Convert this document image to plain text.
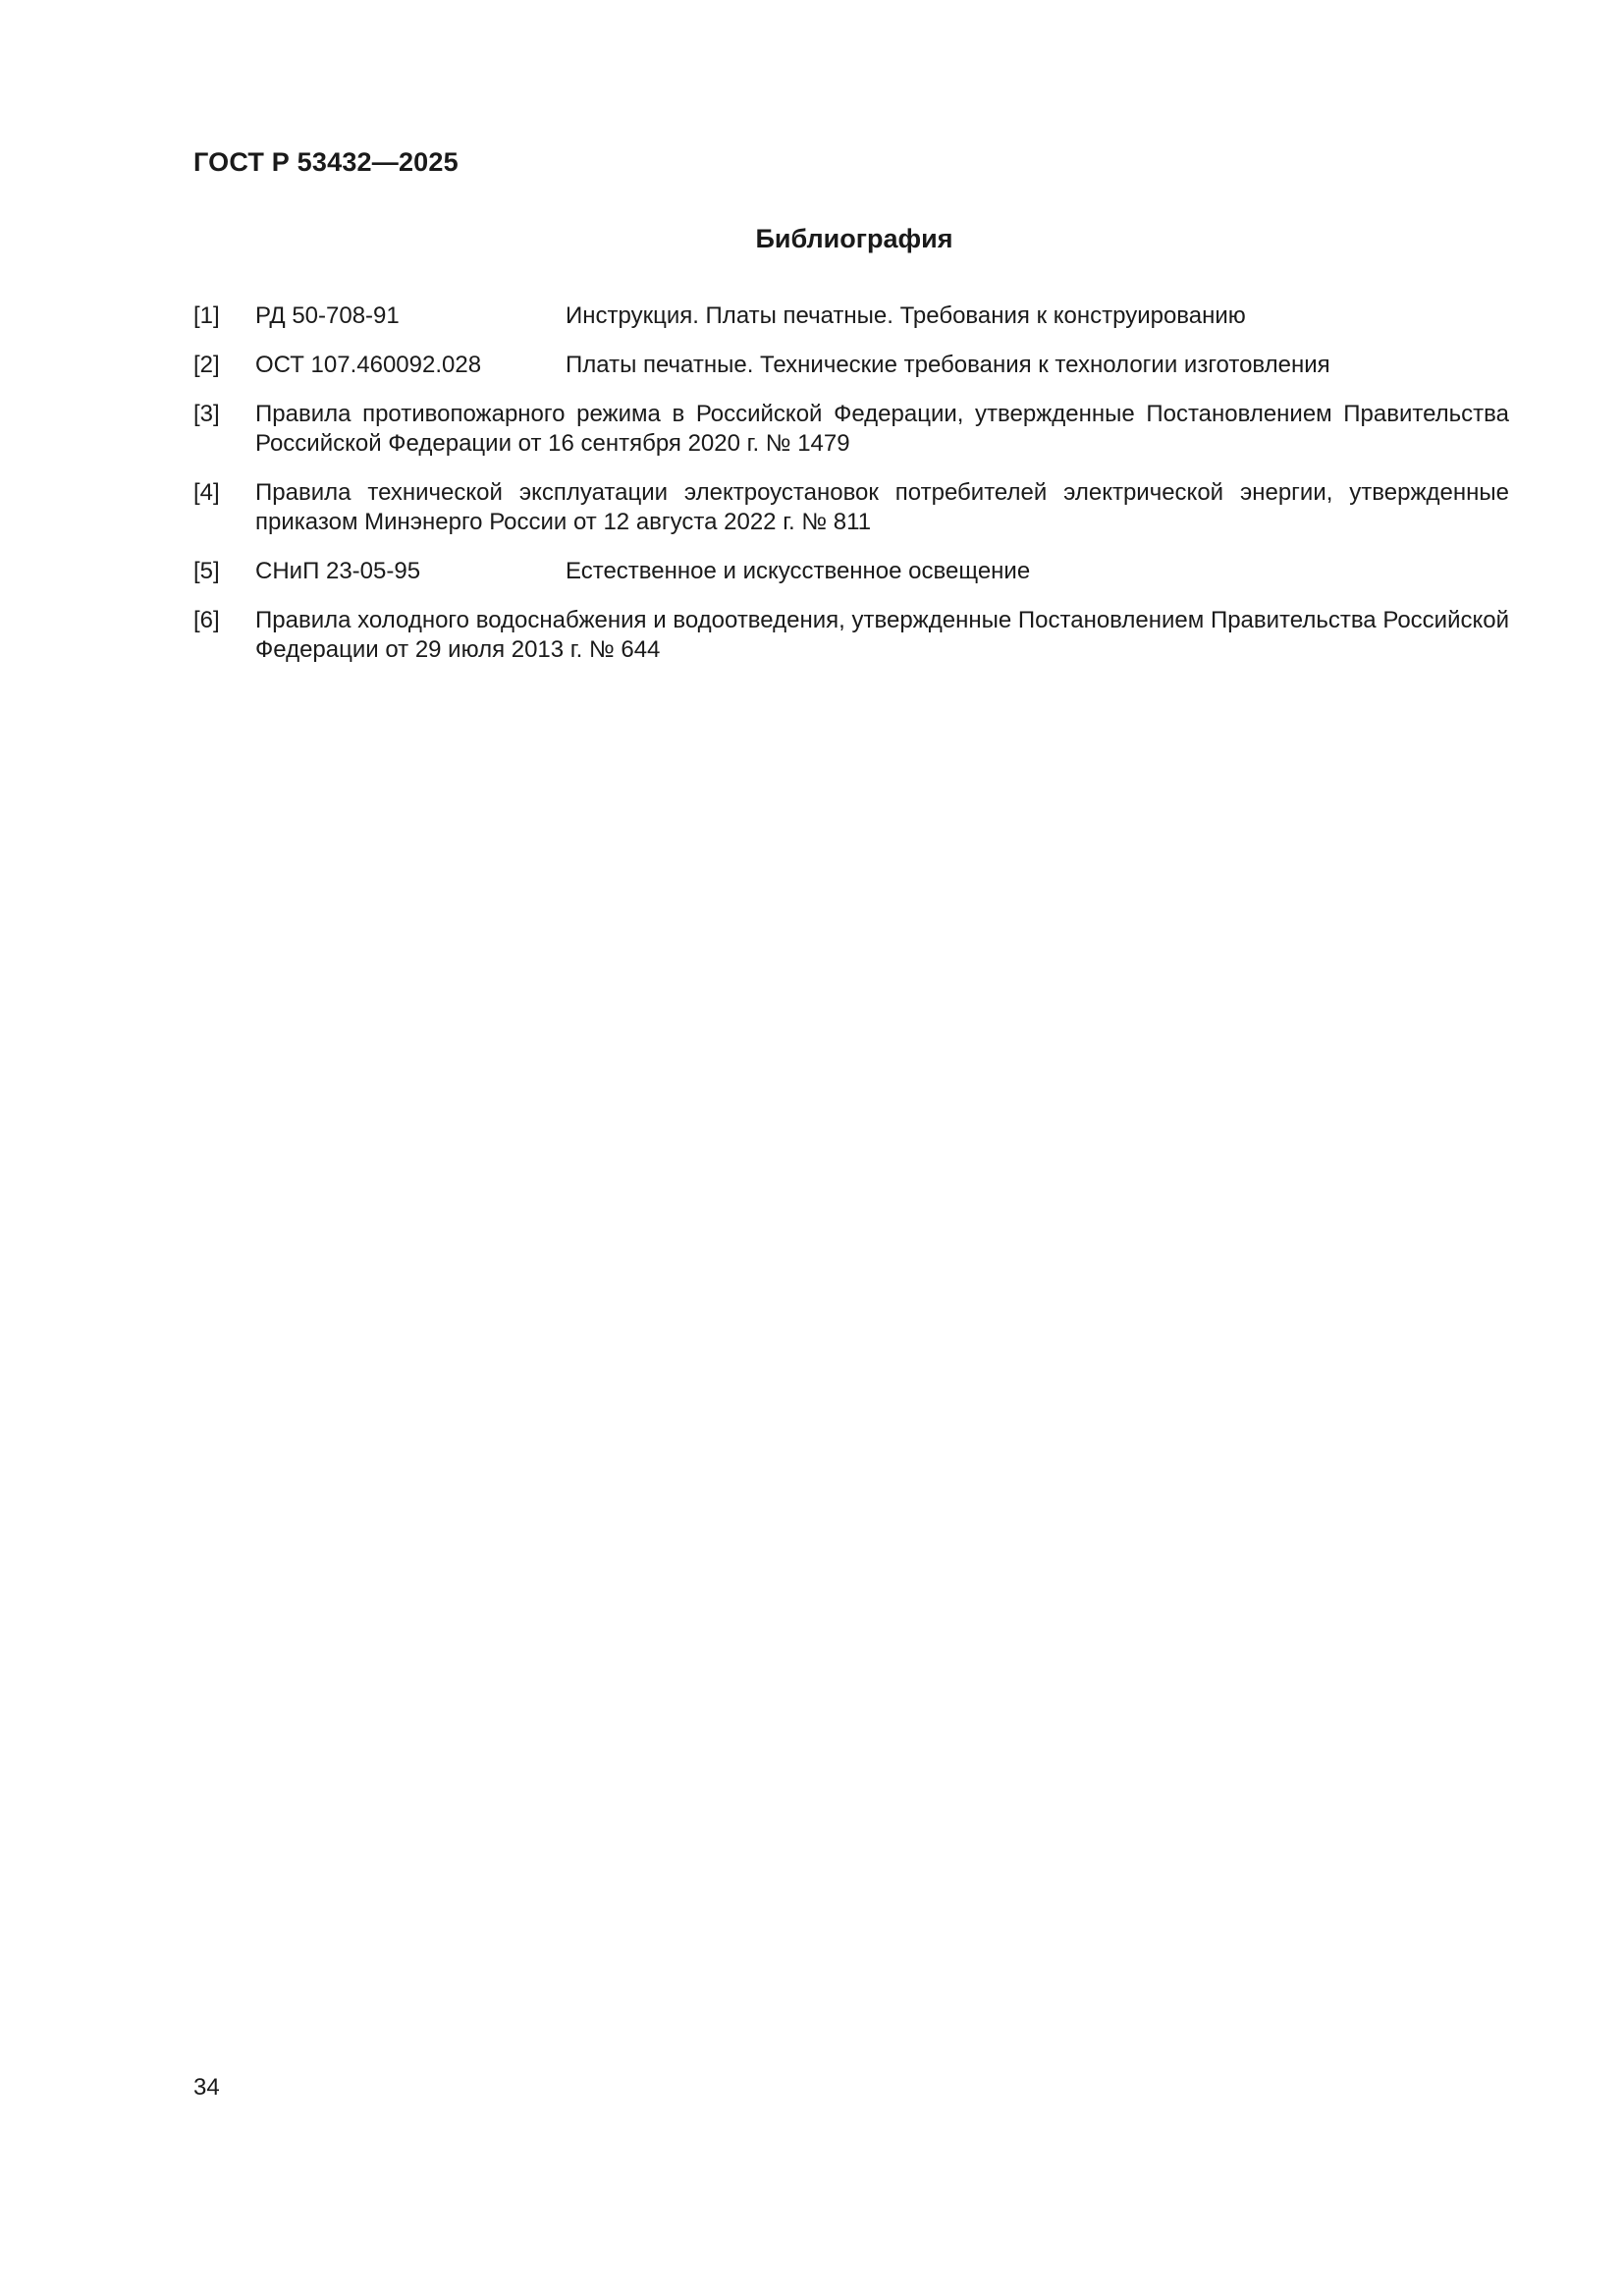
ГОСТ Р 53432—2025
Библиография
[1] РД 50-708-91	Инструкция. Платы печатные. Требования к конструированию
[2] ОСТ 107.460092.028	Платы печатные. Технические требования к технологии изготовления
[3] Правила противопожарного режима в Российской Федерации, утвержденные Постановлением Правительства Российской Федерации от 16 сентября 2020 г. № 1479
[4] Правила технической эксплуатации электроустановок потребителей электрической энергии, утвержденные приказом Минэнерго России от 12 августа 2022 г. № 811
[5] СНиП 23-05-95	Естественное и искусственное освещение
[6] Правила холодного водоснабжения и водоотведения, утвержденные Постановлением Правительства Российской Федерации от 29 июля 2013 г. № 644
34
